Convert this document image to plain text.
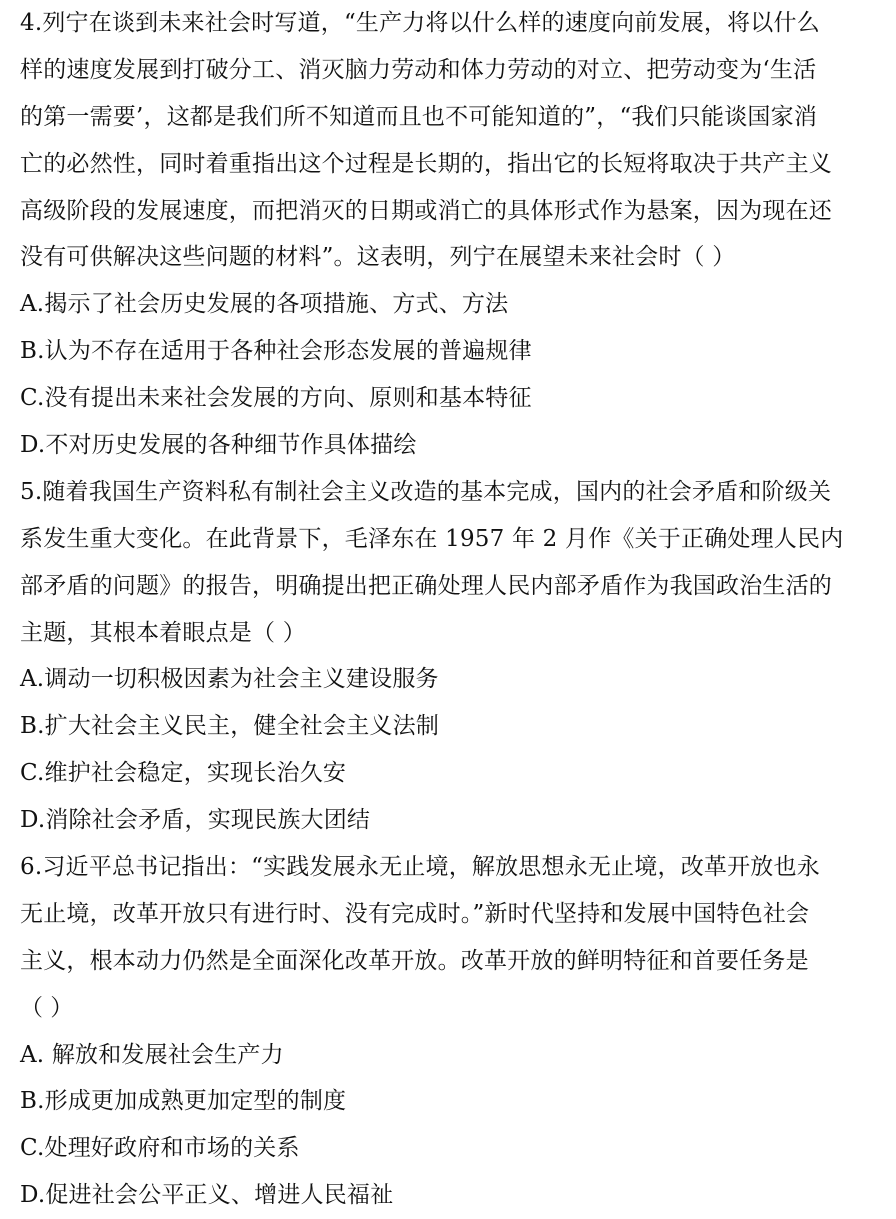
4.列宁在谈到未来社会时写道，“生产力将以什么样的速度向前发展，将以什么
样的速度发展到打破分工、消灭脑力劳动和体力劳动的对立、把劳动变为‘生活
的第一需要’，这都是我们所不知道而且也不可能知道的”，“我们只能谈国家消
亡的必然性，同时着重指出这个过程是长期的，指出它的长短将取决于共产主义
高级阶段的发展速度，而把消灭的日期或消亡的具体形式作为悬案，因为现在还
没有可供解决这些问题的材料”。这表明，列宁在展望未来社会时（ ）
A.揭示了社会历史发展的各项措施、方式、方法
B.认为不存在适用于各种社会形态发展的普遍规律
C.没有提出未来社会发展的方向、原则和基本特征
D.不对历史发展的各种细节作具体描绘
5.随着我国生产资料私有制社会主义改造的基本完成，国内的社会矛盾和阶级关
系发生重大变化。在此背景下，毛泽东在 1957 年 2 月作《关于正确处理人民内
部矛盾的问题》的报告，明确提出把正确处理人民内部矛盾作为我国政治生活的
主题，其根本着眼点是（ ）
A.调动一切积极因素为社会主义建设服务
B.扩大社会主义民主，健全社会主义法制
C.维护社会稳定，实现长治久安
D.消除社会矛盾，实现民族大团结
6.习近平总书记指出：“实践发展永无止境，解放思想永无止境，改革开放也永
无止境，改革开放只有进行时、没有完成时。”新时代坚持和发展中国特色社会
主义，根本动力仍然是全面深化改革开放。改革开放的鲜明特征和首要任务是
（ ）
A. 解放和发展社会生产力
B.形成更加成熟更加定型的制度
C.处理好政府和市场的关系
D.促进社会公平正义、增进人民福祉
